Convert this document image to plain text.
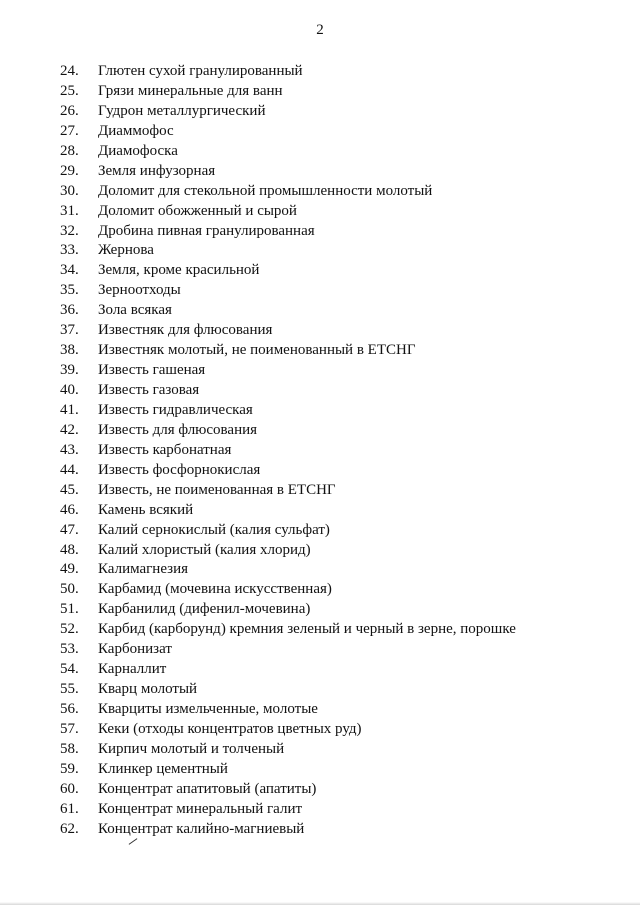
2
24. Глютен сухой гранулированный
25. Грязи минеральные для ванн
26. Гудрон металлургический
27. Диаммофос
28. Диамофоска
29. Земля инфузорная
30. Доломит для стекольной промышленности молотый
31. Доломит обожженный и сырой
32. Дробина пивная гранулированная
33. Жернова
34. Земля, кроме красильной
35. Зерноотходы
36. Зола всякая
37. Известняк для флюсования
38. Известняк молотый, не поименованный в ЕТСНГ
39. Известь гашеная
40. Известь газовая
41. Известь гидравлическая
42. Известь для флюсования
43. Известь карбонатная
44. Известь фосфорнокислая
45. Известь, не поименованная в ЕТСНГ
46. Камень всякий
47. Калий сернокислый (калия сульфат)
48. Калий хлористый (калия хлорид)
49. Калимагнезия
50. Карбамид (мочевина искусственная)
51. Карбанилид (дифенил-мочевина)
52. Карбид (карборунд) кремния зеленый и черный в зерне, порошке
53. Карбонизат
54. Карналлит
55. Кварц молотый
56. Кварциты измельченные, молотые
57. Кеки (отходы концентратов цветных руд)
58. Кирпич молотый и толченый
59. Клинкер цементный
60. Концентрат апатитовый (апатиты)
61. Концентрат минеральный галит
62. Концентрат калийно-магниевый
